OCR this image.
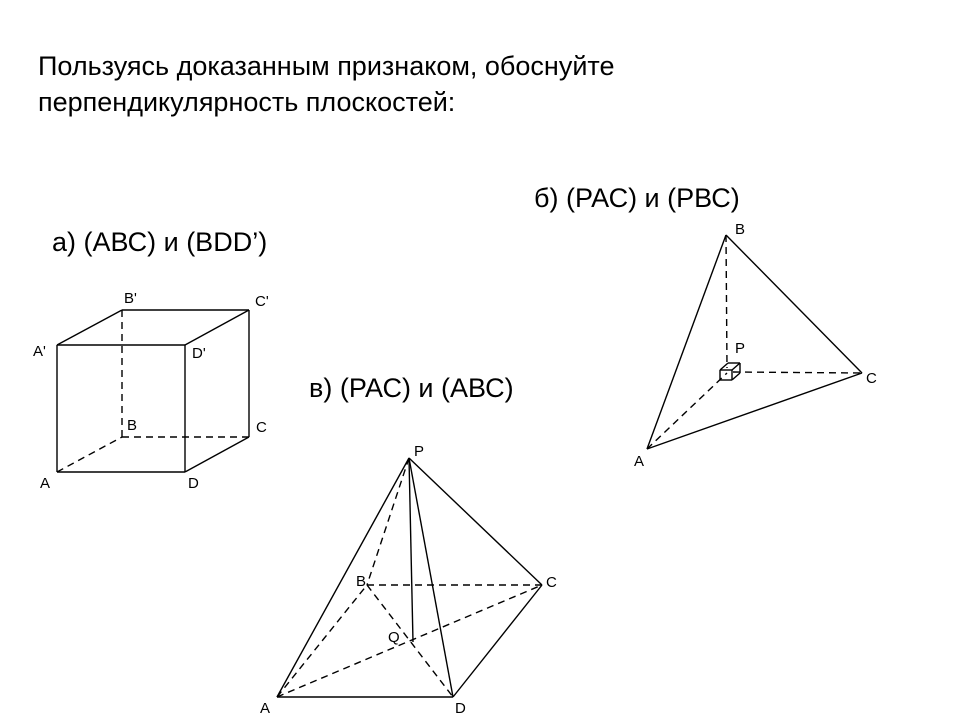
Пользуясь доказанным признаком, обоснуйте
перпендикулярность плоскостей:
а) (АВС) и (BDD’)
б) (РАС) и (РВС)
в) (РАС) и (АВС)
A	D
C
B
A'	D'
C'
B'
B
P
C
A
P
B	C
Q
A	D
